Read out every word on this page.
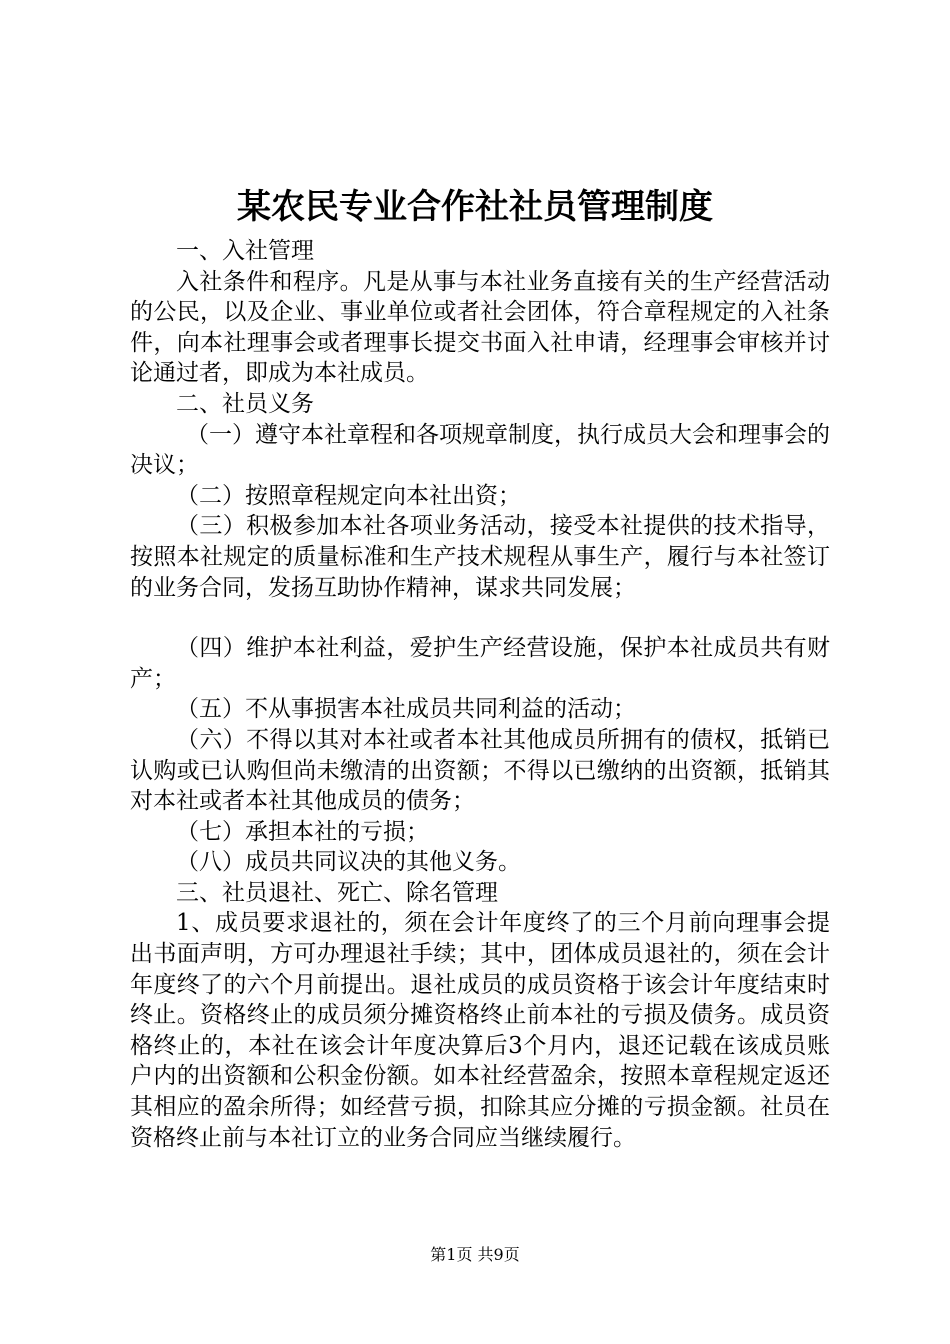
某农民专业合作社社员管理制度

一、入社管理

入社条件和程序。凡是从事与本社业务直接有关的生产经营活动的公民，以及企业、事业单位或者社会团体，符合章程规定的入社条件，向本社理事会或者理事长提交书面入社申请，经理事会审核并讨论通过者，即成为本社成员。

二、社员义务

（一）遵守本社章程和各项规章制度，执行成员大会和理事会的决议；

（二）按照章程规定向本社出资；

（三）积极参加本社各项业务活动，接受本社提供的技术指导，按照本社规定的质量标准和生产技术规程从事生产，履行与本社签订的业务合同，发扬互助协作精神，谋求共同发展；

（四）维护本社利益，爱护生产经营设施，保护本社成员共有财产；

（五）不从事损害本社成员共同利益的活动；

（六）不得以其对本社或者本社其他成员所拥有的债权，抵销已认购或已认购但尚未缴清的出资额；不得以已缴纳的出资额，抵销其对本社或者本社其他成员的债务；

（七）承担本社的亏损；

（八）成员共同议决的其他义务。

三、社员退社、死亡、除名管理

1、成员要求退社的，须在会计年度终了的三个月前向理事会提出书面声明，方可办理退社手续；其中，团体成员退社的，须在会计年度终了的六个月前提出。退社成员的成员资格于该会计年度结束时终止。资格终止的成员须分摊资格终止前本社的亏损及债务。成员资格终止的，本社在该会计年度决算后3个月内，退还记载在该成员账户内的出资额和公积金份额。如本社经营盈余，按照本章程规定返还其相应的盈余所得；如经营亏损，扣除其应分摊的亏损金额。社员在资格终止前与本社订立的业务合同应当继续履行。

第1页 共9页
